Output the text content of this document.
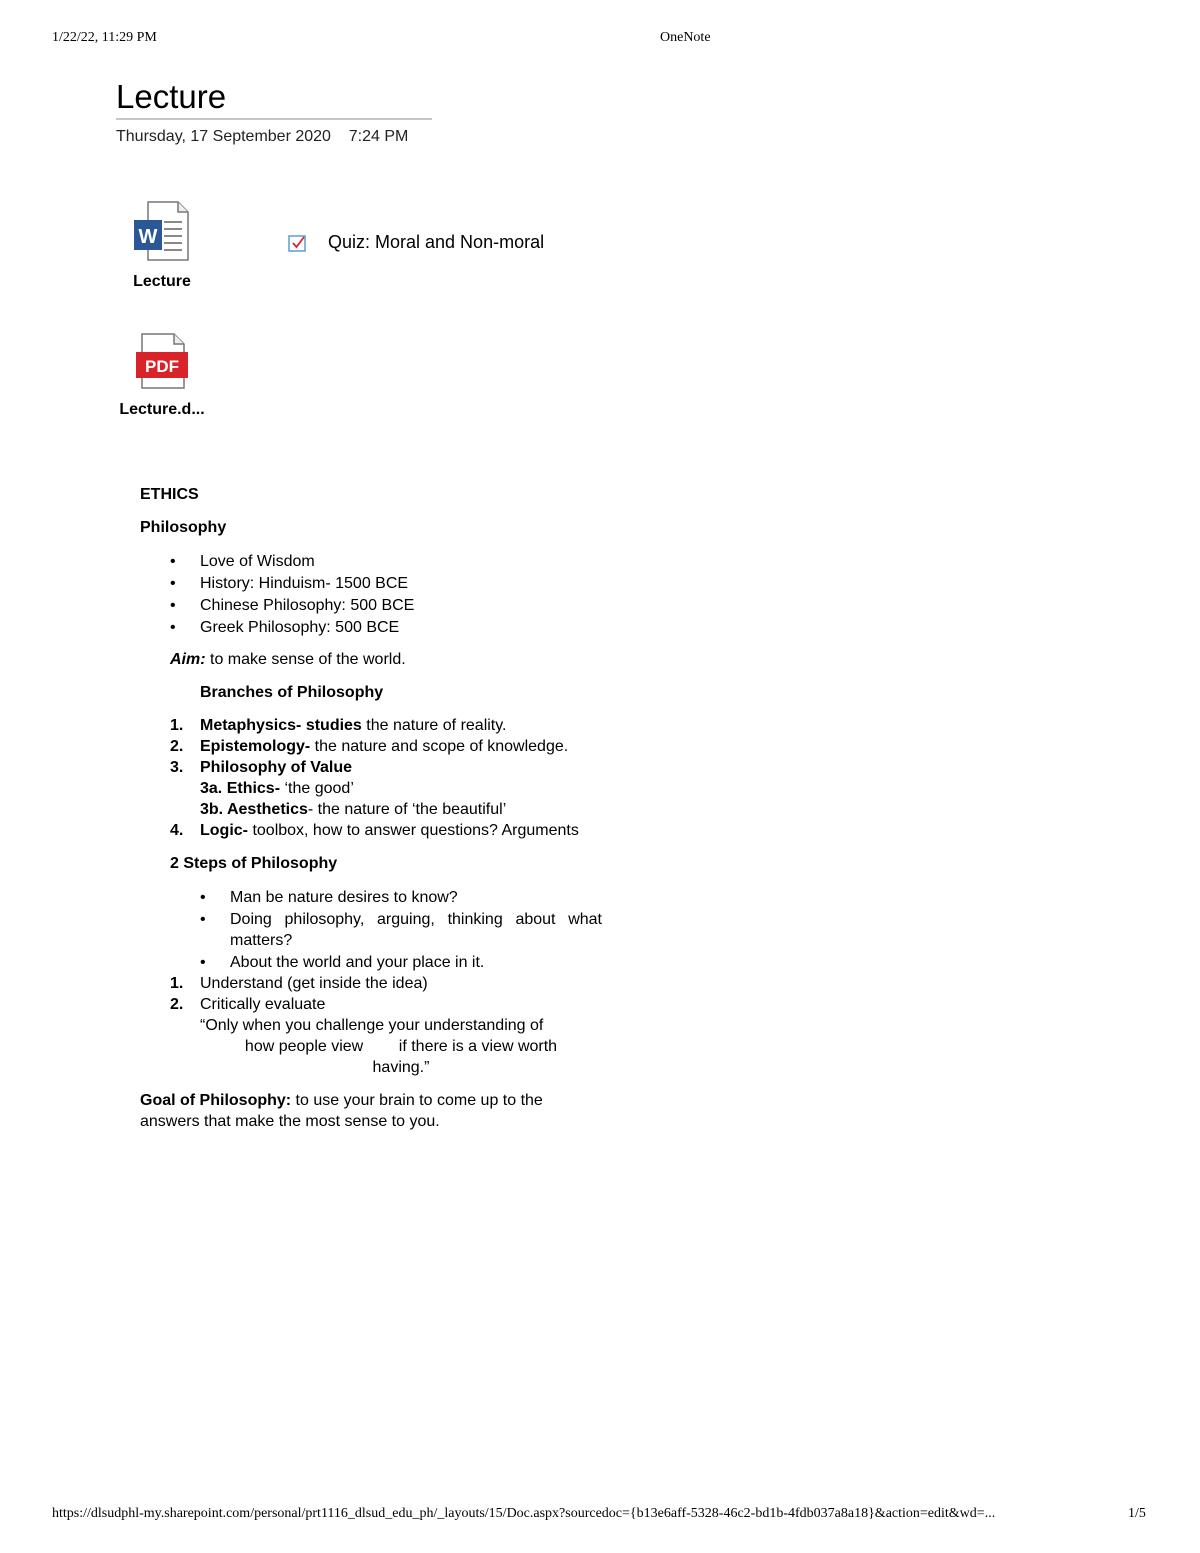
1/22/22, 11:29 PM	OneNote
Lecture
Thursday, 17 September 2020 7:24 PM
W
Lecture
PDF
Lecture.d...
Quiz: Moral and Non-moral

ETHICS

Philosophy

• Love of Wisdom
• History: Hinduism- 1500 BCE
• Chinese Philosophy: 500 BCE
• Greek Philosophy: 500 BCE

Aim: to make sense of the world.

Branches of Philosophy

1. Metaphysics- studies the nature of reality.
2. Epistemology- the nature and scope of knowledge.
3. Philosophy of Value
3a. Ethics- ‘the good’
3b. Aesthetics- the nature of ‘the beautiful’
4. Logic- toolbox, how to answer questions? Arguments

2 Steps of Philosophy

• Man be nature desires to know?
• Doing philosophy, arguing, thinking about what matters?
• About the world and your place in it.
1. Understand (get inside the idea)
2. Critically evaluate
“Only when you challenge your understanding of
how people view        if there is a view worth
having.”

Goal of Philosophy: to use your brain to come up to the answers that make the most sense to you.

https://dlsudphl-my.sharepoint.com/personal/prt1116_dlsud_edu_ph/_layouts/15/Doc.aspx?sourcedoc={b13e6aff-5328-46c2-bd1b-4fdb037a8a18}&action=edit&wd=...	1/5
